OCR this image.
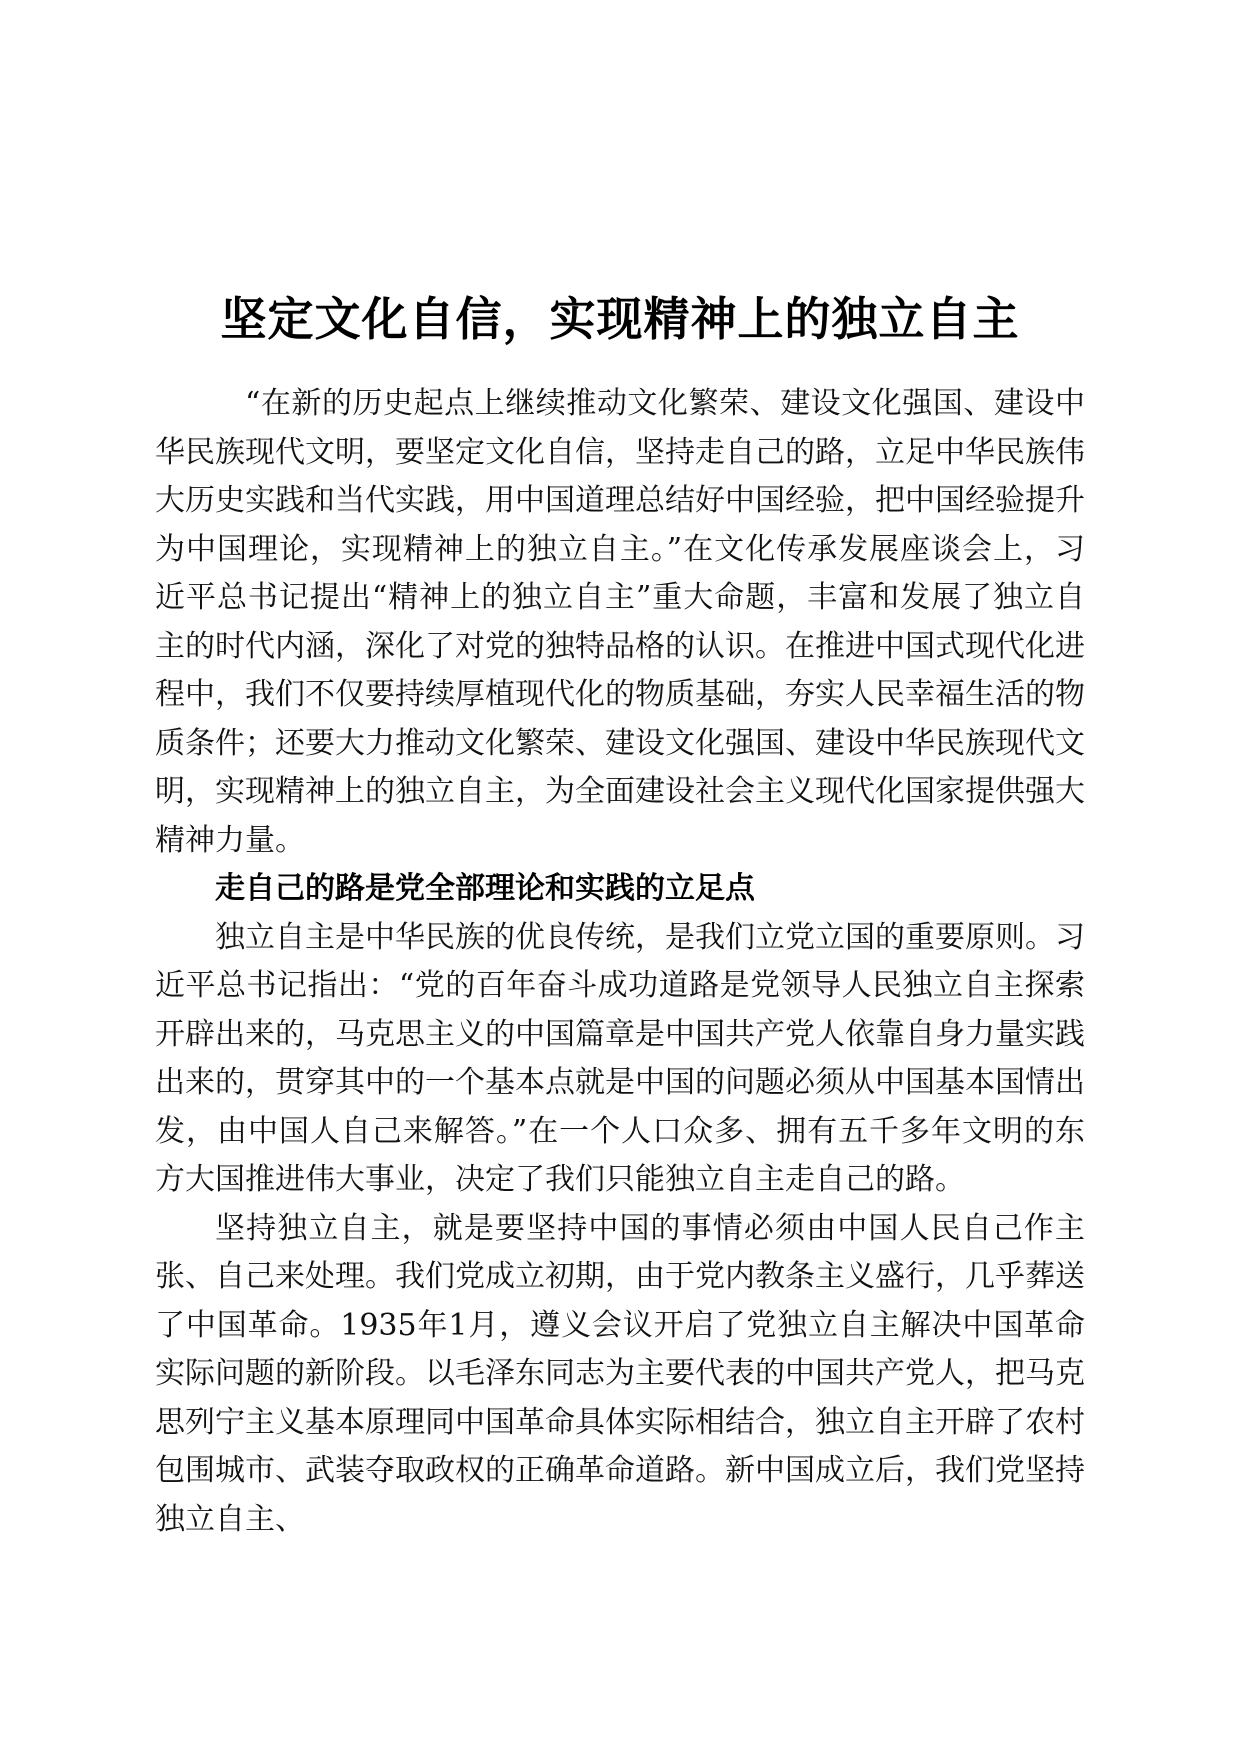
坚定文化自信，实现精神上的独立自主

“在新的历史起点上继续推动文化繁荣、建设文化强国、建设中华民族现代文明，要坚定文化自信，坚持走自己的路，立足中华民族伟大历史实践和当代实践，用中国道理总结好中国经验，把中国经验提升为中国理论，实现精神上的独立自主。”在文化传承发展座谈会上，习近平总书记提出“精神上的独立自主”重大命题，丰富和发展了独立自主的时代内涵，深化了对党的独特品格的认识。在推进中国式现代化进程中，我们不仅要持续厚植现代化的物质基础，夯实人民幸福生活的物质条件；还要大力推动文化繁荣、建设文化强国、建设中华民族现代文明，实现精神上的独立自主，为全面建设社会主义现代化国家提供强大精神力量。

走自己的路是党全部理论和实践的立足点

独立自主是中华民族的优良传统，是我们立党立国的重要原则。习近平总书记指出：“党的百年奋斗成功道路是党领导人民独立自主探索开辟出来的，马克思主义的中国篇章是中国共产党人依靠自身力量实践出来的，贯穿其中的一个基本点就是中国的问题必须从中国基本国情出发，由中国人自己来解答。”在一个人口众多、拥有五千多年文明的东方大国推进伟大事业，决定了我们只能独立自主走自己的路。

坚持独立自主，就是要坚持中国的事情必须由中国人民自己作主张、自己来处理。我们党成立初期，由于党内教条主义盛行，几乎葬送了中国革命。1935年1月，遵义会议开启了党独立自主解决中国革命实际问题的新阶段。以毛泽东同志为主要代表的中国共产党人，把马克思列宁主义基本原理同中国革命具体实际相结合，独立自主开辟了农村包围城市、武装夺取政权的正确革命道路。新中国成立后，我们党坚持独立自主、
